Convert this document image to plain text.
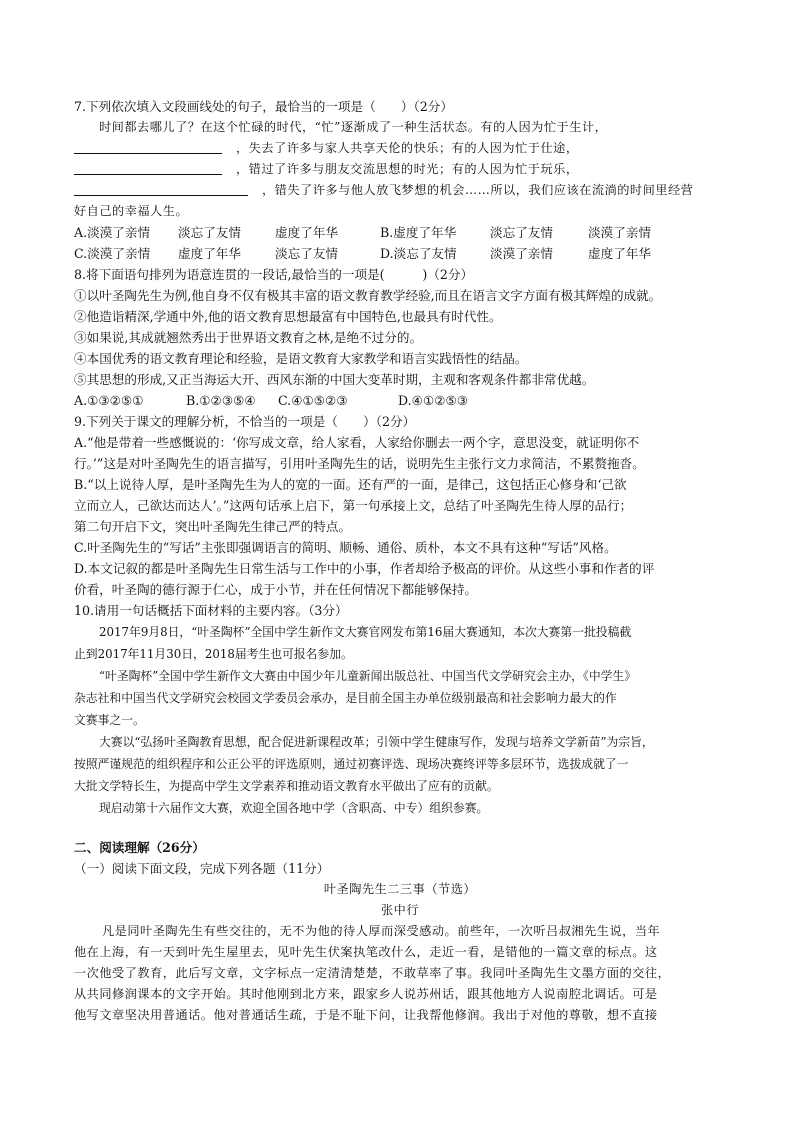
7.下列依次填入文段画线处的句子，最恰当的一项是（　　）（2分）
时间都去哪儿了？在这个忙碌的时代，“忙”逐渐成了一种生活状态。有的人因为忙于生计，
，失去了许多与家人共享天伦的快乐；有的人因为忙于仕途，
，错过了许多与朋友交流思想的时光；有的人因为忙于玩乐，
，错失了许多与他人放飞梦想的机会……所以，我们应该在流淌的时间里经营
好自己的幸福人生。
A.淡漠了亲情	淡忘了友情	虚度了年华	B.虚度了年华	淡忘了友情	淡漠了亲情
C.淡漠了亲情	虚度了年华	淡忘了友情	D.淡忘了友情	淡漠了亲情	虚度了年华
8.将下面语句排列为语意连贯的一段话,最恰当的一项是(　　　)（2分）
①以叶圣陶先生为例,他自身不仅有极其丰富的语文教育教学经验,而且在语言文字方面有极其辉煌的成就。
②他造诣精深,学通中外,他的语文教育思想最富有中国特色,也最具有时代性。
③如果说,其成就翘然秀出于世界语文教育之林,是绝不过分的。
④本国优秀的语文教育理论和经验，是语文教育大家教学和语言实践悟性的结晶。
⑤其思想的形成,又正当海运大开、西风东渐的中国大变革时期，主观和客观条件都非常优越。
A.①③②⑤①	B.①②③⑤④	C.④①⑤②③	D.④①②⑤③
9.下列关于课文的理解分析，不恰当的一项是（　　）（2分）
A.“他是带着一些感慨说的：‘你写成文章，给人家看，人家给你删去一两个字，意思没变，就证明你不
行。’”这是对叶圣陶先生的语言描写，引用叶圣陶先生的话，说明先生主张行文力求简洁，不累赘拖沓。
B.“以上说待人厚，是叶圣陶先生为人的宽的一面。还有严的一面，是律己，这包括正心修身和‘己欲
立而立人，己欲达而达人’。”这两句话承上启下，第一句承接上文，总结了叶圣陶先生待人厚的品行；
第二句开启下文，突出叶圣陶先生律己严的特点。
C.叶圣陶先生的“写话”主张即强调语言的简明、顺畅、通俗、质朴，本文不具有这种“写话”风格。
D.本文记叙的都是叶圣陶先生日常生活与工作中的小事，作者却给予极高的评价。从这些小事和作者的评
价看，叶圣陶的德行源于仁心，成于小节，并在任何情况下都能够保持。
10.请用一句话概括下面材料的主要内容。（3分）
2017年9月8日，“叶圣陶杯”全国中学生新作文大赛官网发布第16届大赛通知，本次大赛第一批投稿截
止到2017年11月30日，2018届考生也可报名参加。
“叶圣陶杯”全国中学生新作文大赛由中国少年儿童新闻出版总社、中国当代文学研究会主办，《中学生》
杂志社和中国当代文学研究会校园文学委员会承办，是目前全国主办单位级别最高和社会影响力最大的作
文赛事之一。
大赛以“弘扬叶圣陶教育思想，配合促进新课程改革；引领中学生健康写作，发现与培养文学新苗”为宗旨，
按照严谨规范的组织程序和公正公平的评选原则，通过初赛评选、现场决赛终评等多层环节，选拔成就了一
大批文学特长生，为提高中学生文学素养和推动语文教育水平做出了应有的贡献。
现启动第十六届作文大赛，欢迎全国各地中学（含职高、中专）组织参赛。
二、阅读理解（26分）
（一）阅读下面文段，完成下列各题（11分）
叶圣陶先生二三事（节选）
张中行
凡是同叶圣陶先生有些交往的，无不为他的待人厚而深受感动。前些年，一次听吕叔湘先生说，当年
他在上海，有一天到叶先生屋里去，见叶先生伏案执笔改什么，走近一看，是错他的一篇文章的标点。这
一次他受了教育，此后写文章，文字标点一定清清楚楚，不敢草率了事。我同叶圣陶先生文墨方面的交往，
从共同修润课本的文字开始。其时他刚到北方来，跟家乡人说苏州话，跟其他地方人说南腔北调话。可是
他写文章坚决用普通话。他对普通话生疏，于是不耻下问，让我帮他修润。我出于对他的尊敬，想不直接
